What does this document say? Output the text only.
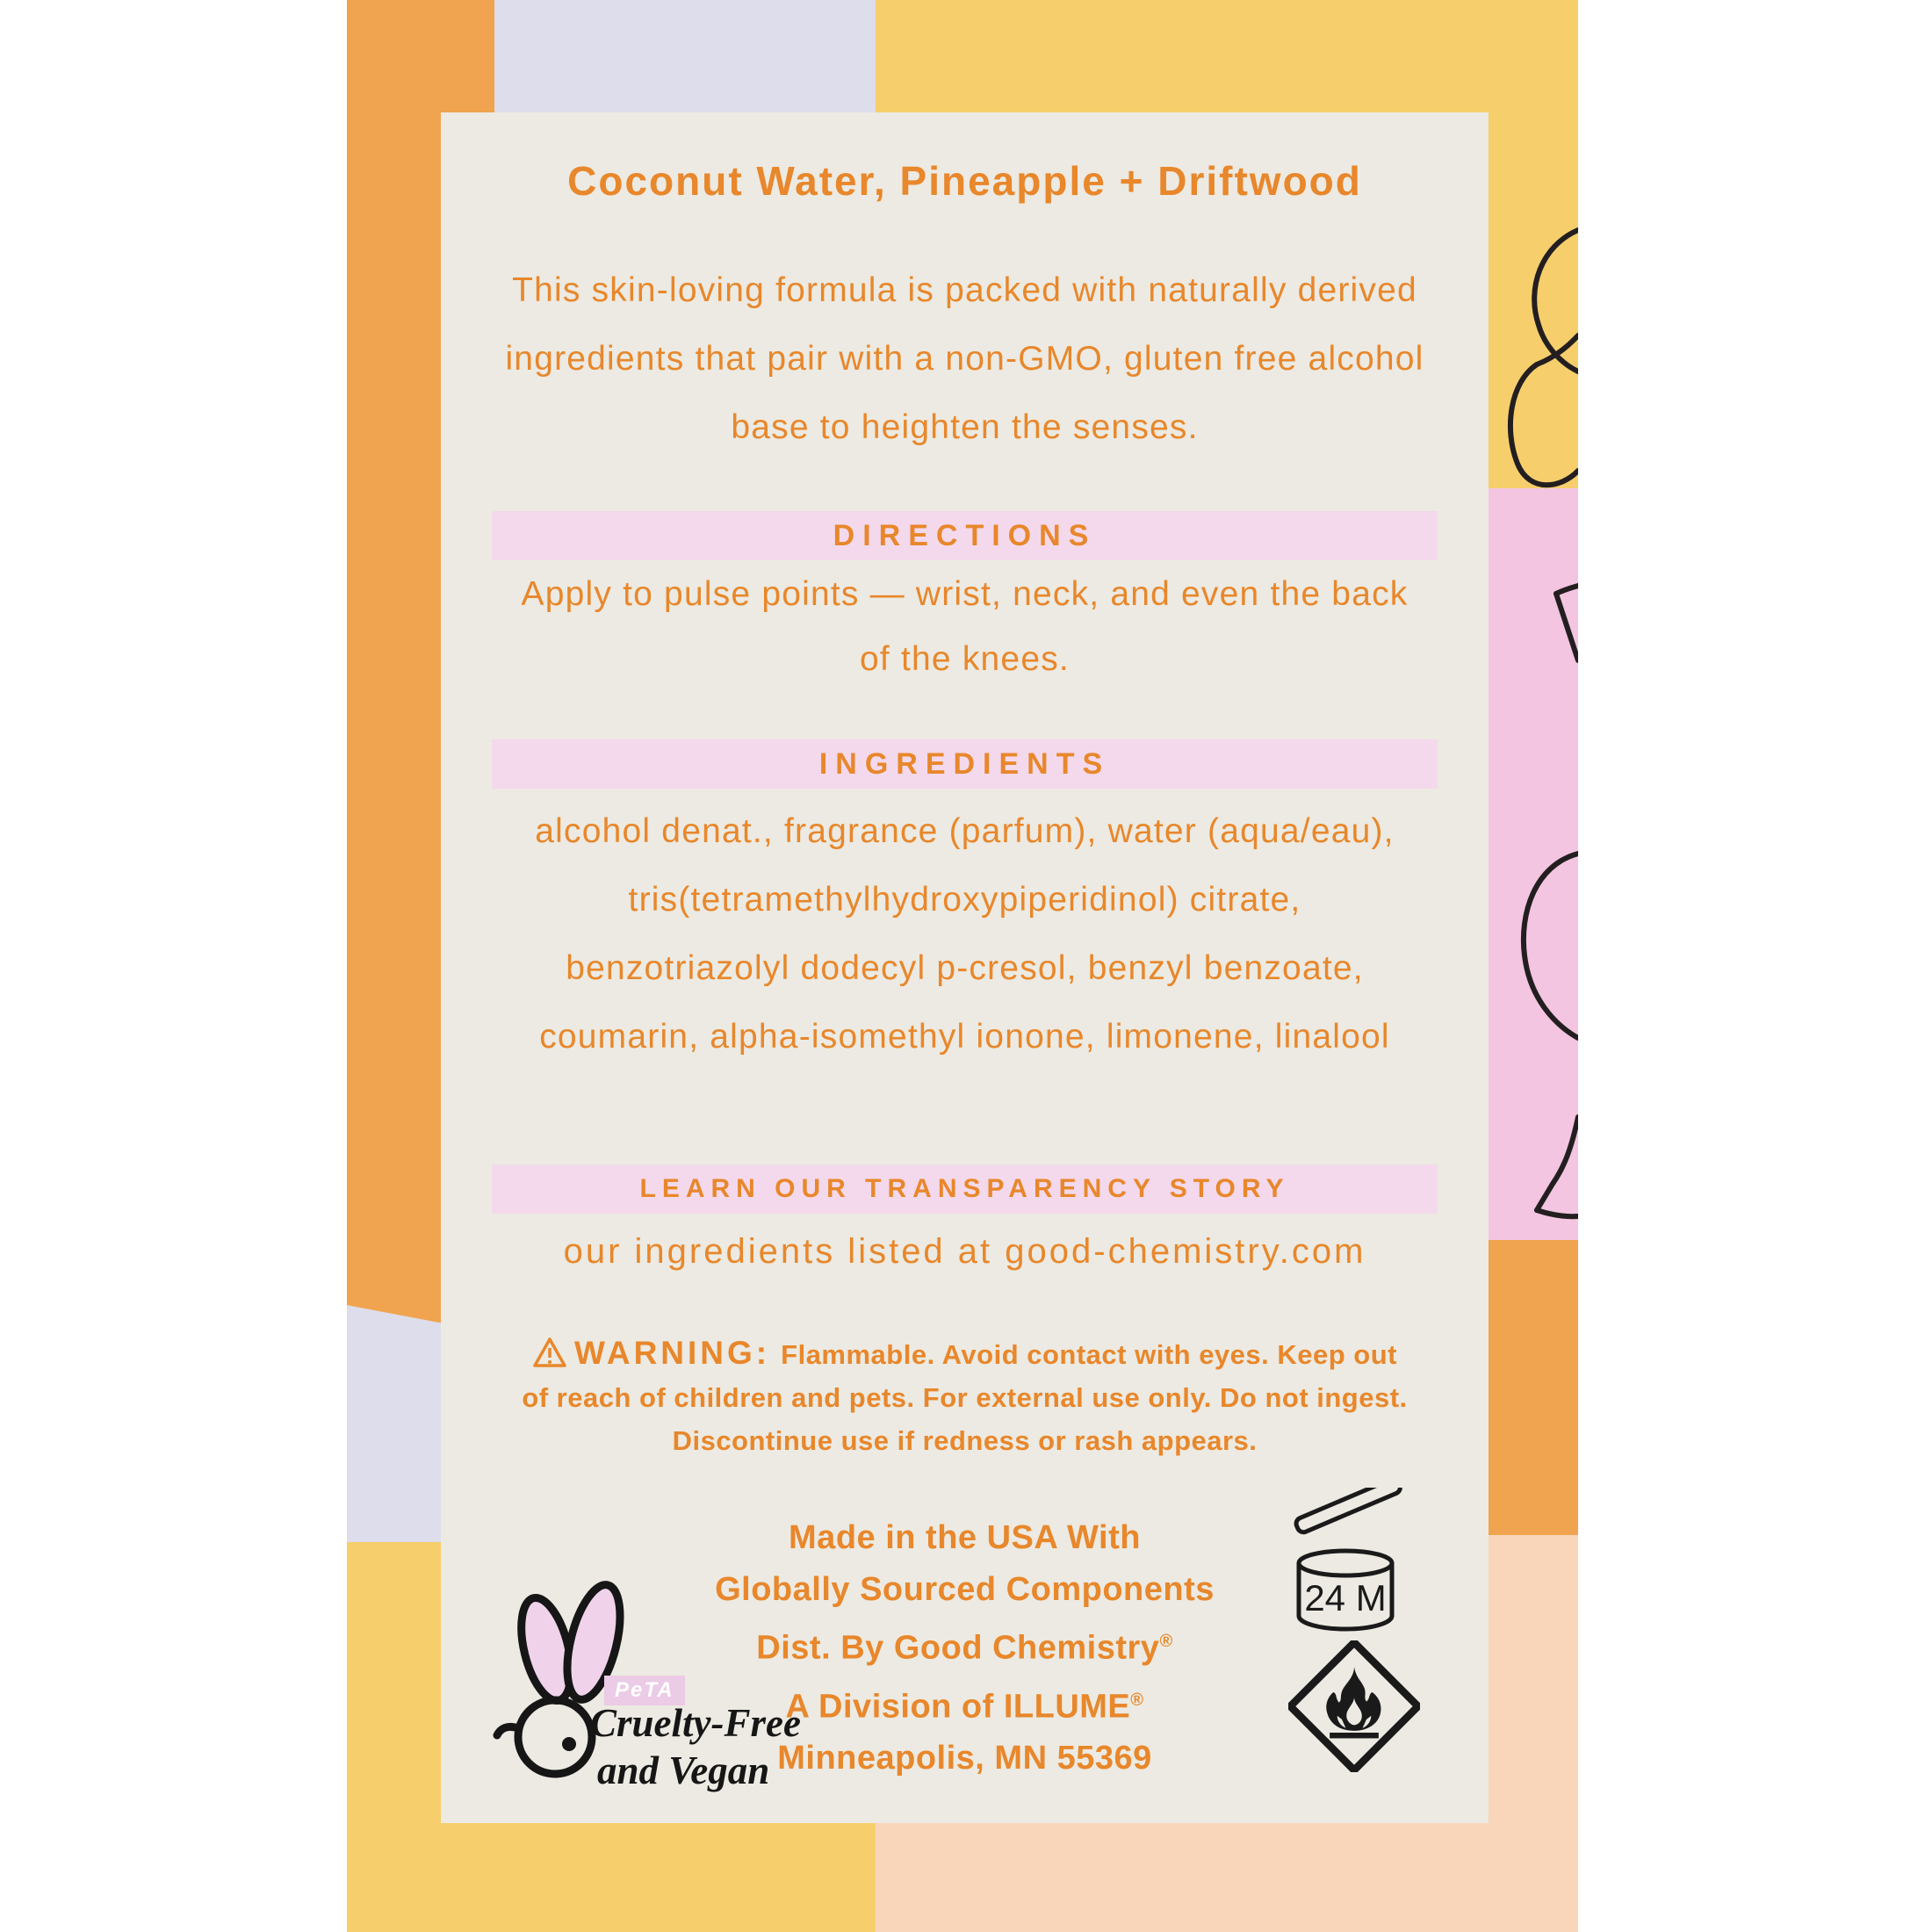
Coconut Water, Pineapple + Driftwood
This skin-loving formula is packed with naturally derived
ingredients that pair with a non-GMO, gluten free alcohol
base to heighten the senses.
DIRECTIONS
Apply to pulse points — wrist, neck, and even the back
of the knees.
INGREDIENTS
alcohol denat., fragrance (parfum), water (aqua/eau),
tris(tetramethylhydroxypiperidinol) citrate,
benzotriazolyl dodecyl p-cresol, benzyl benzoate,
coumarin, alpha-isomethyl ionone, limonene, linalool
LEARN OUR TRANSPARENCY STORY
our ingredients listed at good-chemistry.com
WARNING: Flammable. Avoid contact with eyes. Keep out
of reach of children and pets. For external use only. Do not ingest.
Discontinue use if redness or rash appears.
Made in the USA With
Globally Sourced Components
Dist. By Good Chemistry®
A Division of ILLUME®
Minneapolis, MN 55369
PeTA
Cruelty-Free
and Vegan
24 M
